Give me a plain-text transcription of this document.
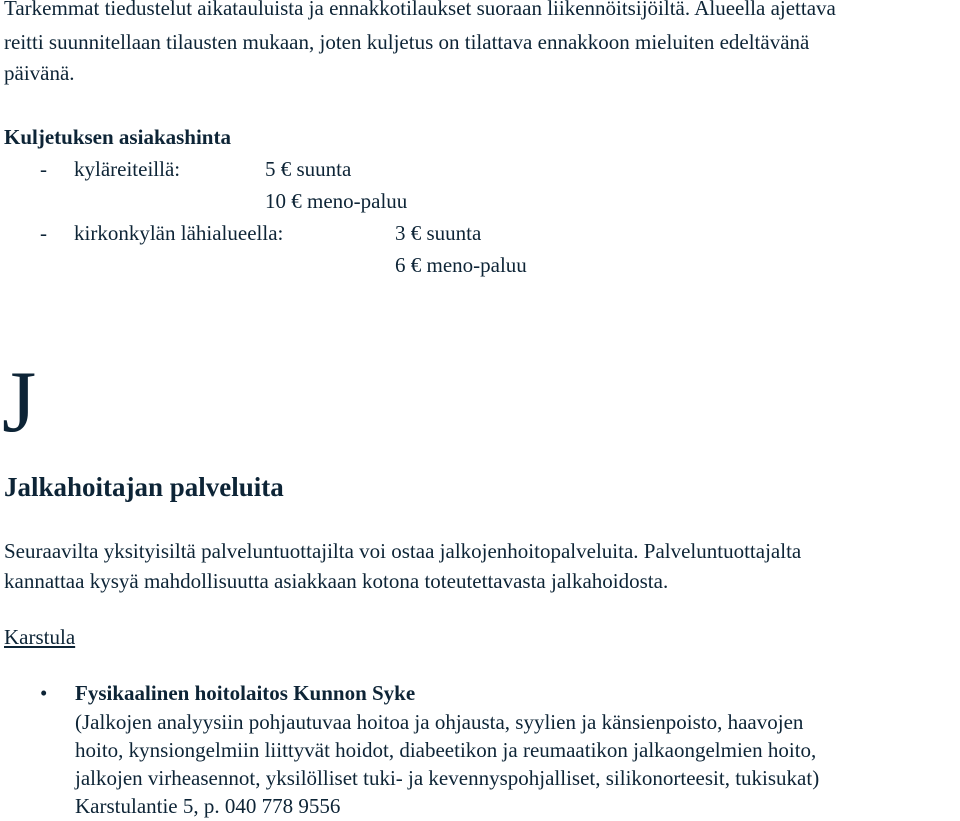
Tarkemmat tiedustelut aikatauluista ja ennakkotilaukset suoraan liikennöitsijöiltä. Alueella ajettava
reitti suunnitellaan tilausten mukaan, joten kuljetus on tilattava ennakkoon mieluiten edeltävänä
päivänä.
Kuljetuksen asiakashinta
- kyläreiteillä:	5 € suunta
10 € meno-paluu
- kirkonkylän lähialueella:	3 € suunta
6 € meno-paluu
J
Jalkahoitajan palveluita
Seuraavilta yksityisiltä palveluntuottajilta voi ostaa jalkojenhoitopalveluita. Palveluntuottajalta
kannattaa kysyä mahdollisuutta asiakkaan kotona toteutettavasta jalkahoidosta.
Karstula
• Fysikaalinen hoitolaitos Kunnon Syke
(Jalkojen analyysiin pohjautuvaa hoitoa ja ohjausta, syylien ja känsienpoisto, haavojen
hoito, kynsiongelmiin liittyvät hoidot, diabeetikon ja reumaatikon jalkaongelmien hoito,
jalkojen virheasennot, yksilölliset tuki- ja kevennyspohjalliset, silikonorteesit, tukisukat)
Karstulantie 5, p. 040 778 9556
